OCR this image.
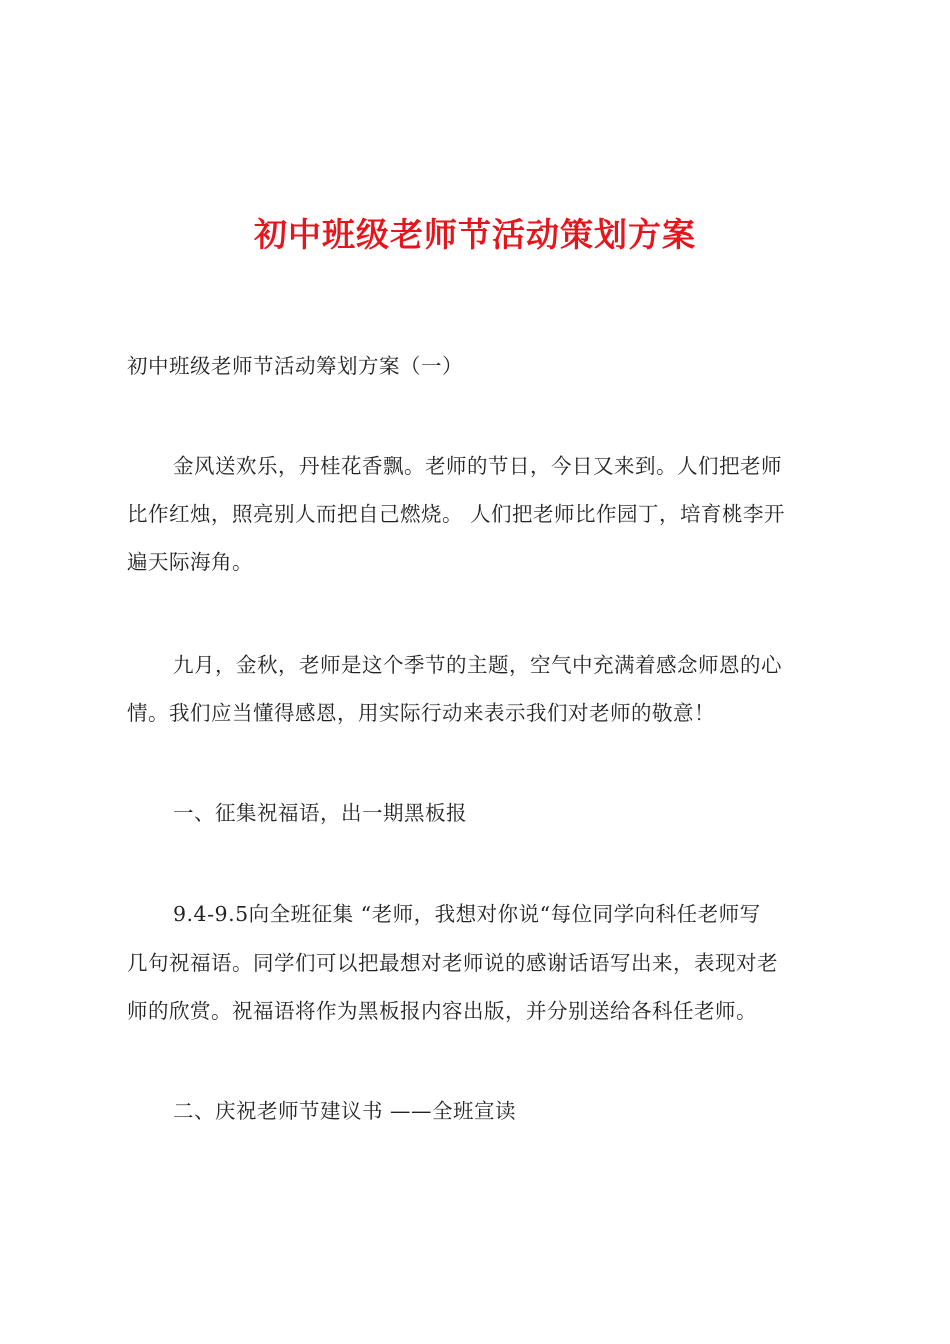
初中班级老师节活动策划方案
初中班级老师节活动筹划方案（一）
金风送欢乐，丹桂花香飘。老师的节日，今日又来到。人们把老师
比作红烛，照亮别人而把自己燃烧。 人们把老师比作园丁，培育桃李开
遍天际海角。
九月，金秋，老师是这个季节的主题，空气中充满着感念师恩的心
情。我们应当懂得感恩，用实际行动来表示我们对老师的敬意！
一、征集祝福语，出一期黑板报
9.4-9.5向全班征集 “老师，我想对你说“每位同学向科任老师写
几句祝福语。同学们可以把最想对老师说的感谢话语写出来，表现对老
师的欣赏。祝福语将作为黑板报内容出版，并分别送给各科任老师。
二、庆祝老师节建议书 ——全班宣读
